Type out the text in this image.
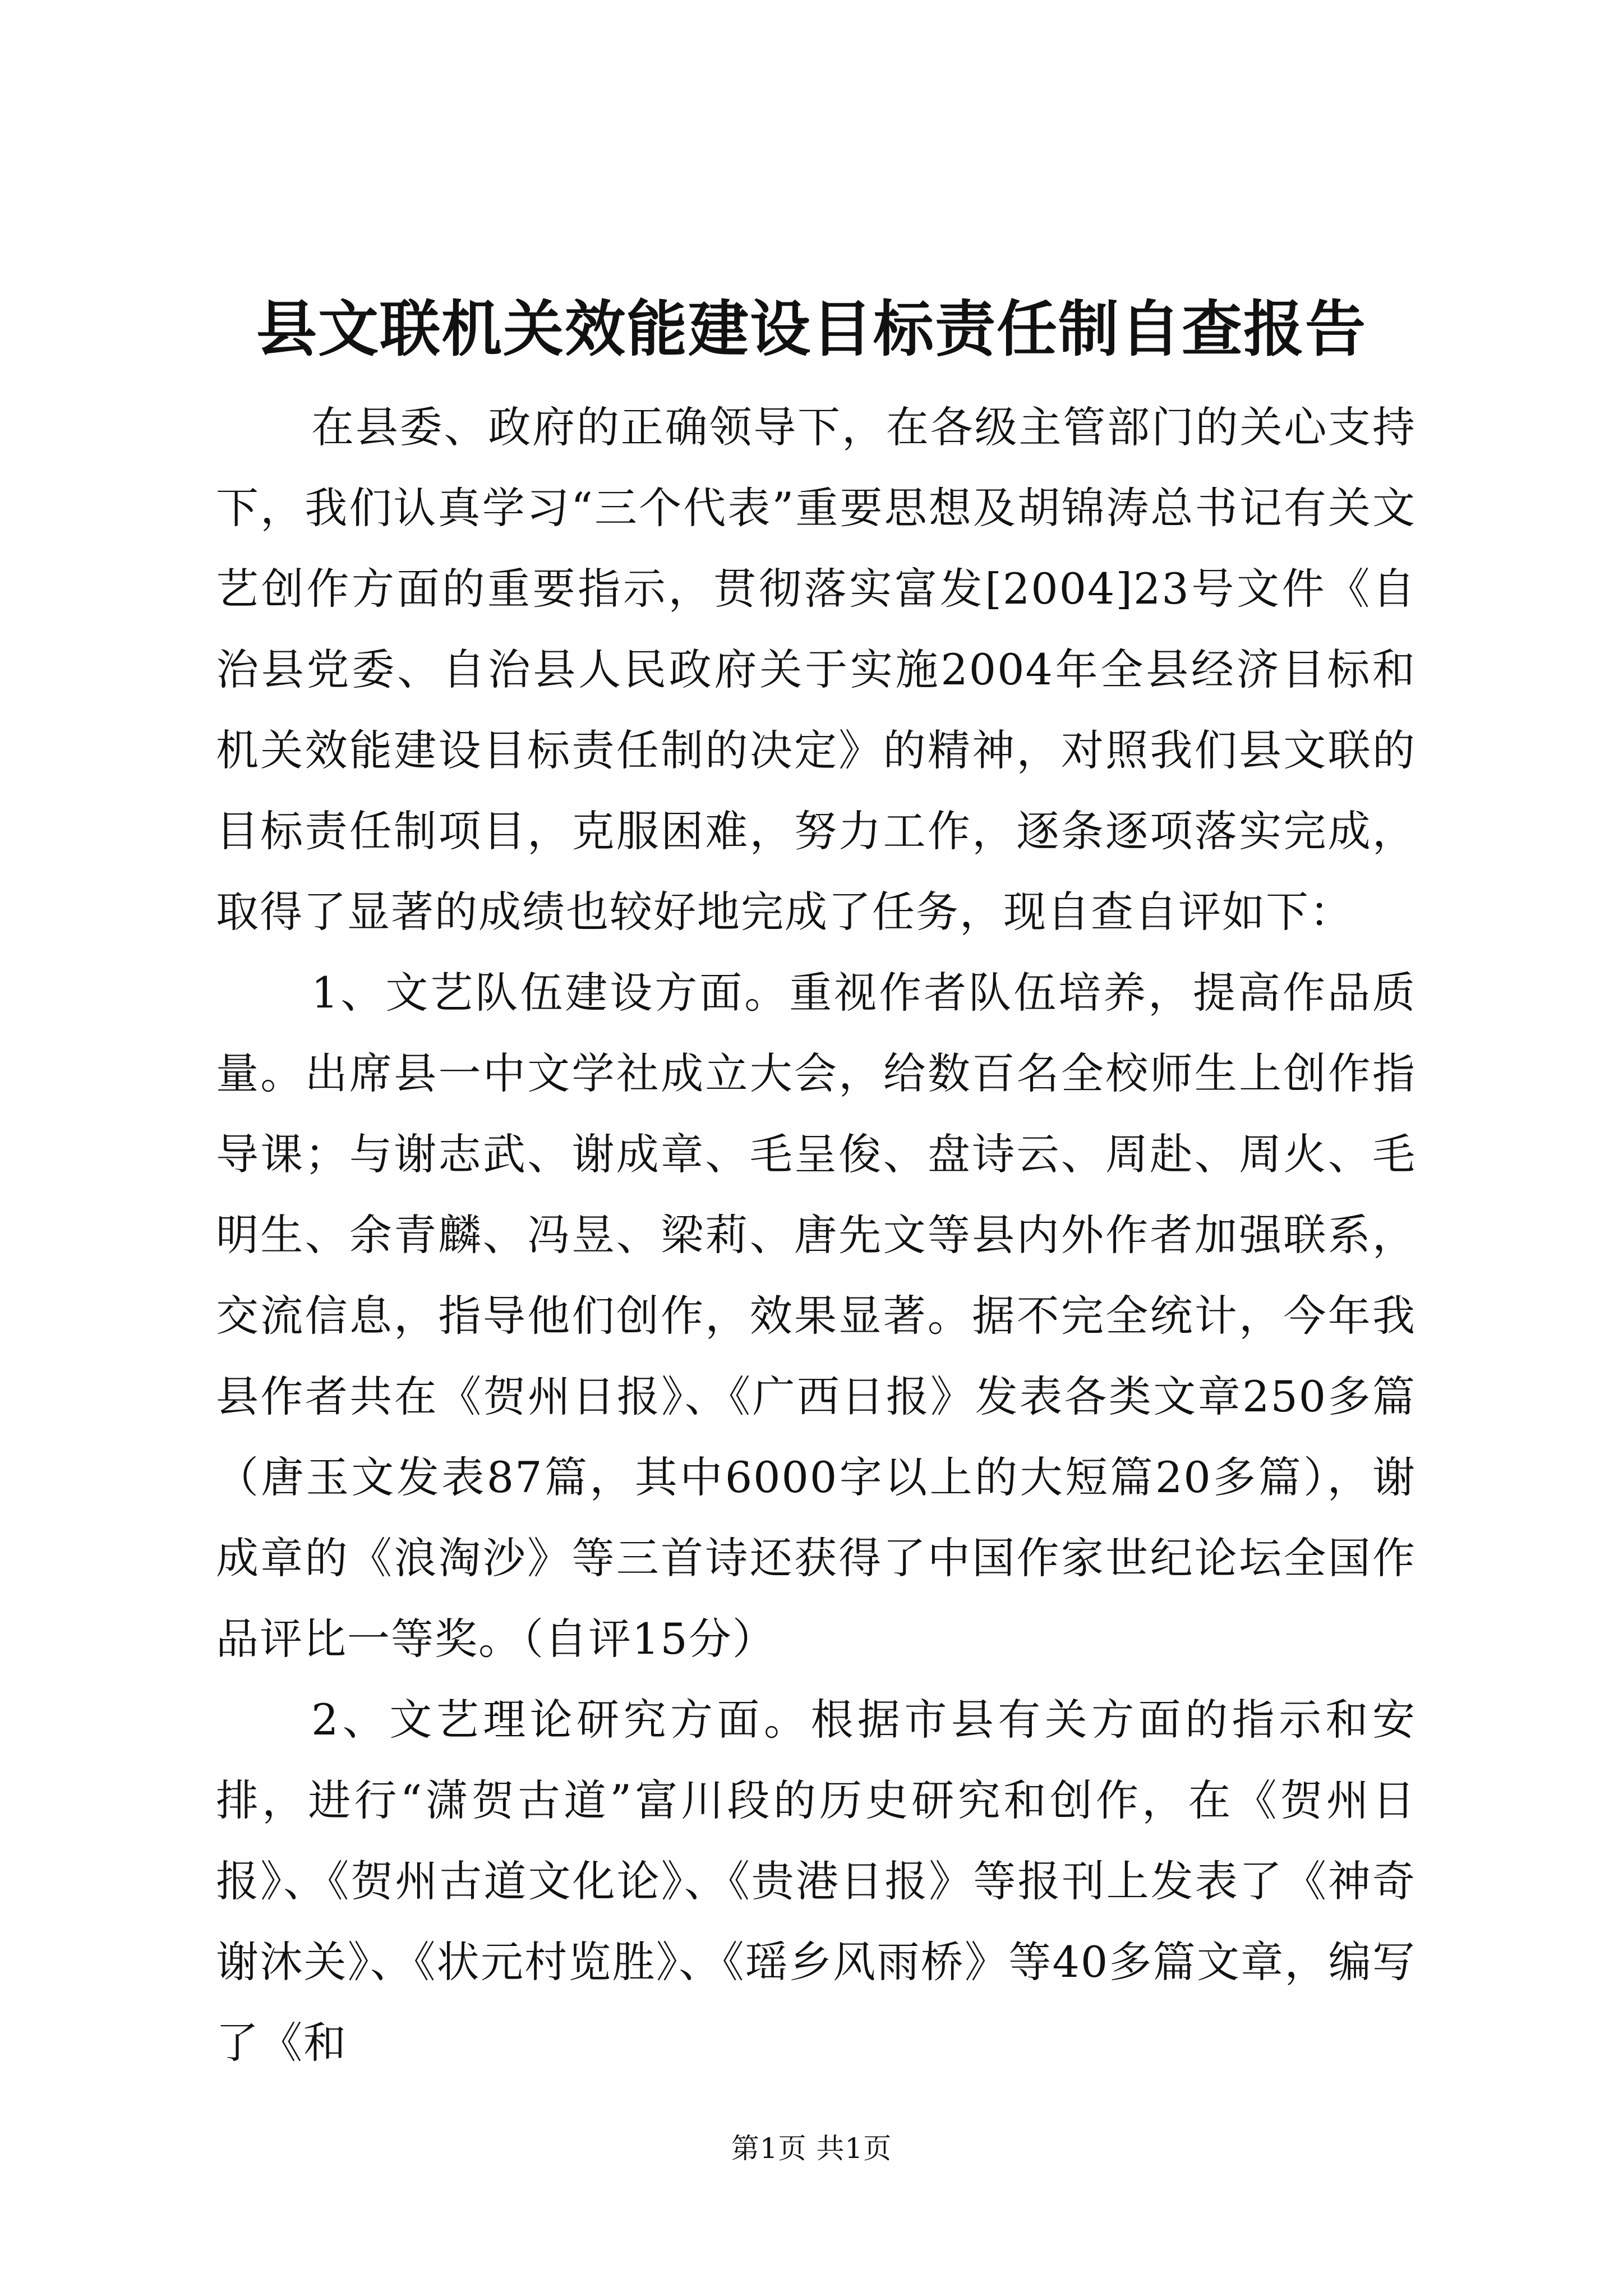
县文联机关效能建设目标责任制自查报告

在县委、政府的正确领导下，在各级主管部门的关心支持下，我们认真学习“三个代表”重要思想及胡锦涛总书记有关文艺创作方面的重要指示，贯彻落实富发[2004]23号文件《自治县党委、自治县人民政府关于实施2004年全县经济目标和机关效能建设目标责任制的决定》的精神，对照我们县文联的目标责任制项目，克服困难，努力工作，逐条逐项落实完成，取得了显著的成绩也较好地完成了任务，现自查自评如下：

1、文艺队伍建设方面。重视作者队伍培养，提高作品质量。出席县一中文学社成立大会，给数百名全校师生上创作指导课；与谢志武、谢成章、毛呈俊、盘诗云、周赴、周火、毛明生、余青麟、冯昱、梁莉、唐先文等县内外作者加强联系，交流信息，指导他们创作，效果显著。据不完全统计，今年我县作者共在《贺州日报》、《广西日报》发表各类文章250多篇（唐玉文发表87篇，其中6000字以上的大短篇20多篇），谢成章的《浪淘沙》等三首诗还获得了中国作家世纪论坛全国作品评比一等奖。（自评15分）

2、文艺理论研究方面。根据市县有关方面的指示和安排，进行“潇贺古道”富川段的历史研究和创作，在《贺州日报》、《贺州古道文化论》、《贵港日报》等报刊上发表了《神奇谢沐关》、《状元村览胜》、《瑶乡风雨桥》等40多篇文章，编写了《和

第1页 共1页
